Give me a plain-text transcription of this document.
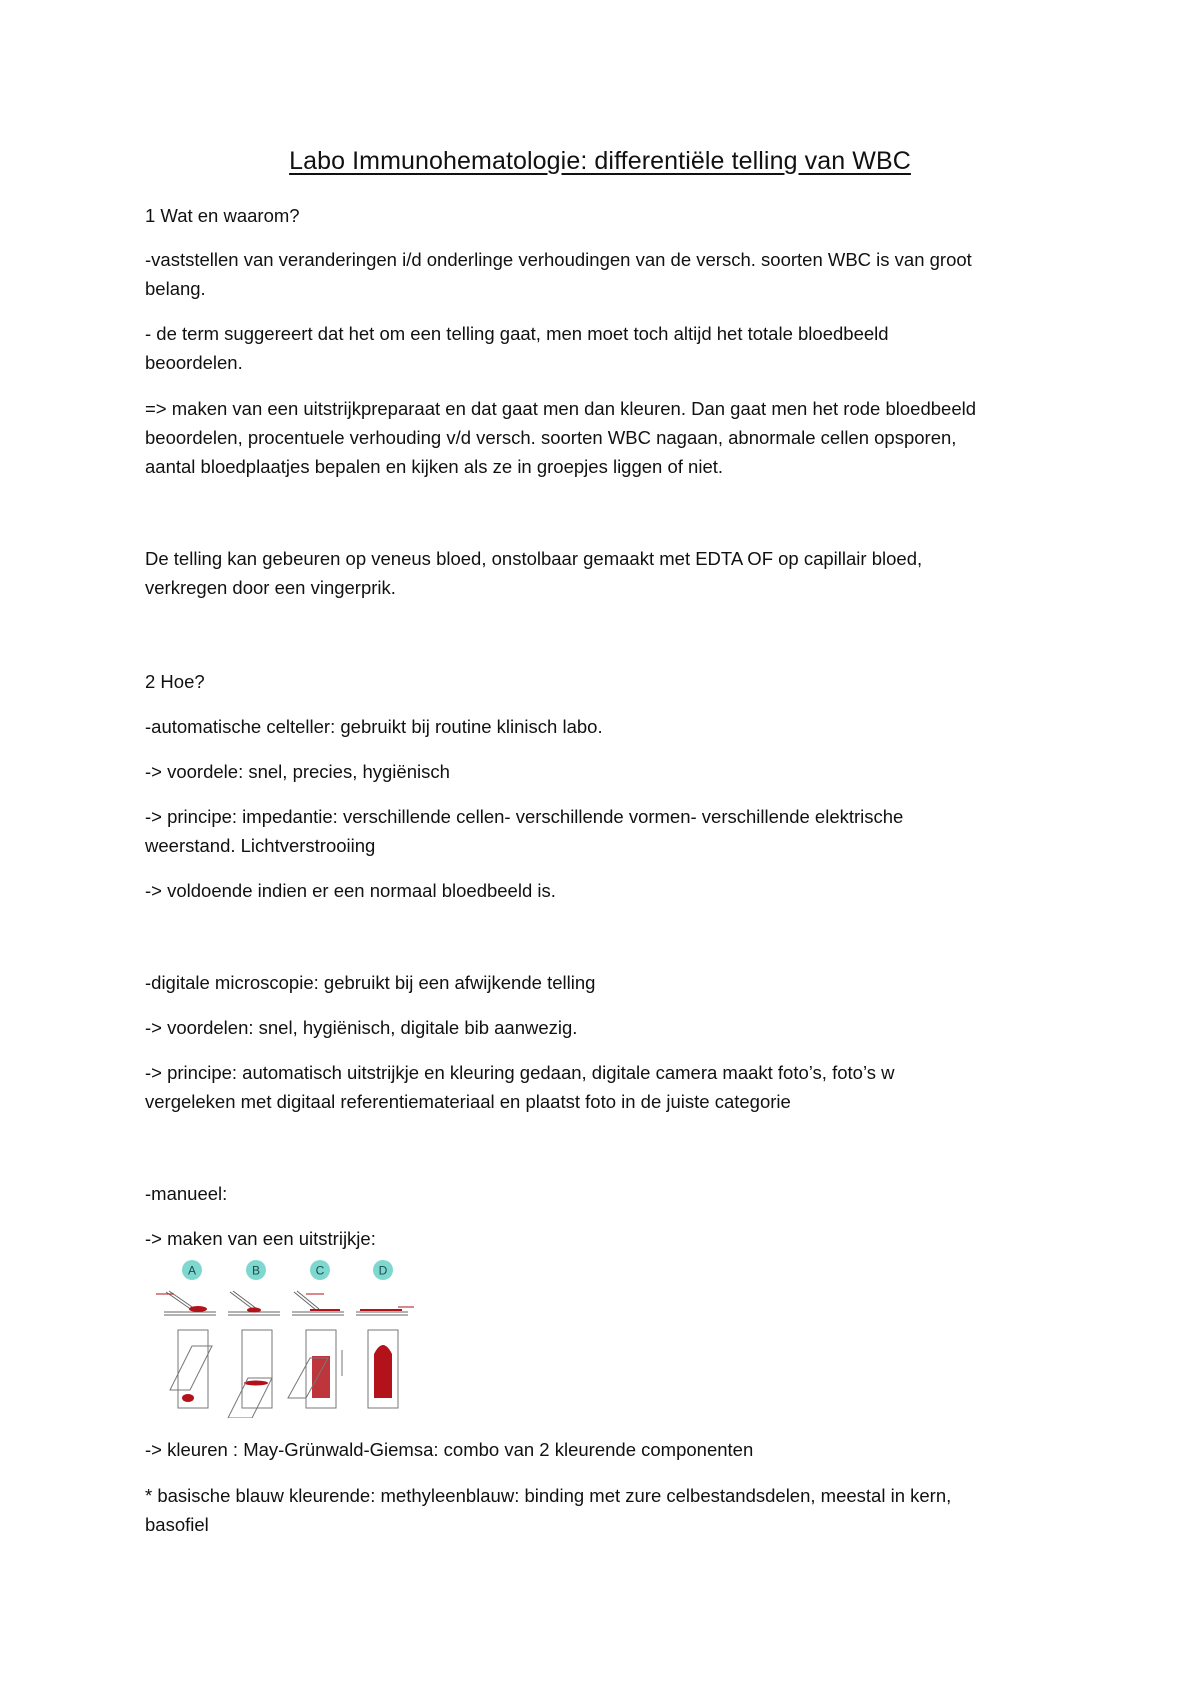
Labo Immunohematologie: differentiële telling van WBC
1 Wat en waarom?
-vaststellen van veranderingen i/d onderlinge verhoudingen van de versch. soorten WBC is van groot
belang.
- de term suggereert dat het om een telling gaat, men moet toch altijd het totale bloedbeeld
beoordelen.
=> maken van een uitstrijkpreparaat en dat gaat men dan kleuren. Dan gaat men het rode bloedbeeld
beoordelen, procentuele verhouding v/d versch. soorten WBC nagaan, abnormale cellen opsporen,
aantal bloedplaatjes bepalen en kijken als ze in groepjes liggen of niet.
De telling kan gebeuren op veneus bloed, onstolbaar gemaakt met EDTA OF op capillair bloed,
verkregen door een vingerprik.
2 Hoe?
-automatische celteller: gebruikt bij routine klinisch labo.
-> voordele: snel, precies, hygiënisch
-> principe: impedantie: verschillende cellen- verschillende vormen- verschillende elektrische
weerstand. Lichtverstrooiing
-> voldoende indien er een normaal bloedbeeld is.
-digitale microscopie: gebruikt bij een afwijkende telling
-> voordelen: snel, hygiënisch, digitale bib aanwezig.
-> principe: automatisch uitstrijkje en kleuring gedaan, digitale camera maakt foto’s, foto’s w
vergeleken met digitaal referentiemateriaal en plaatst foto in de juiste categorie
-manueel:
-> maken van een uitstrijkje:
A	B	C	D
-> kleuren : May-Grünwald-Giemsa: combo van 2 kleurende componenten
* basische blauw kleurende: methyleenblauw: binding met zure celbestandsdelen, meestal in kern,
basofiel
